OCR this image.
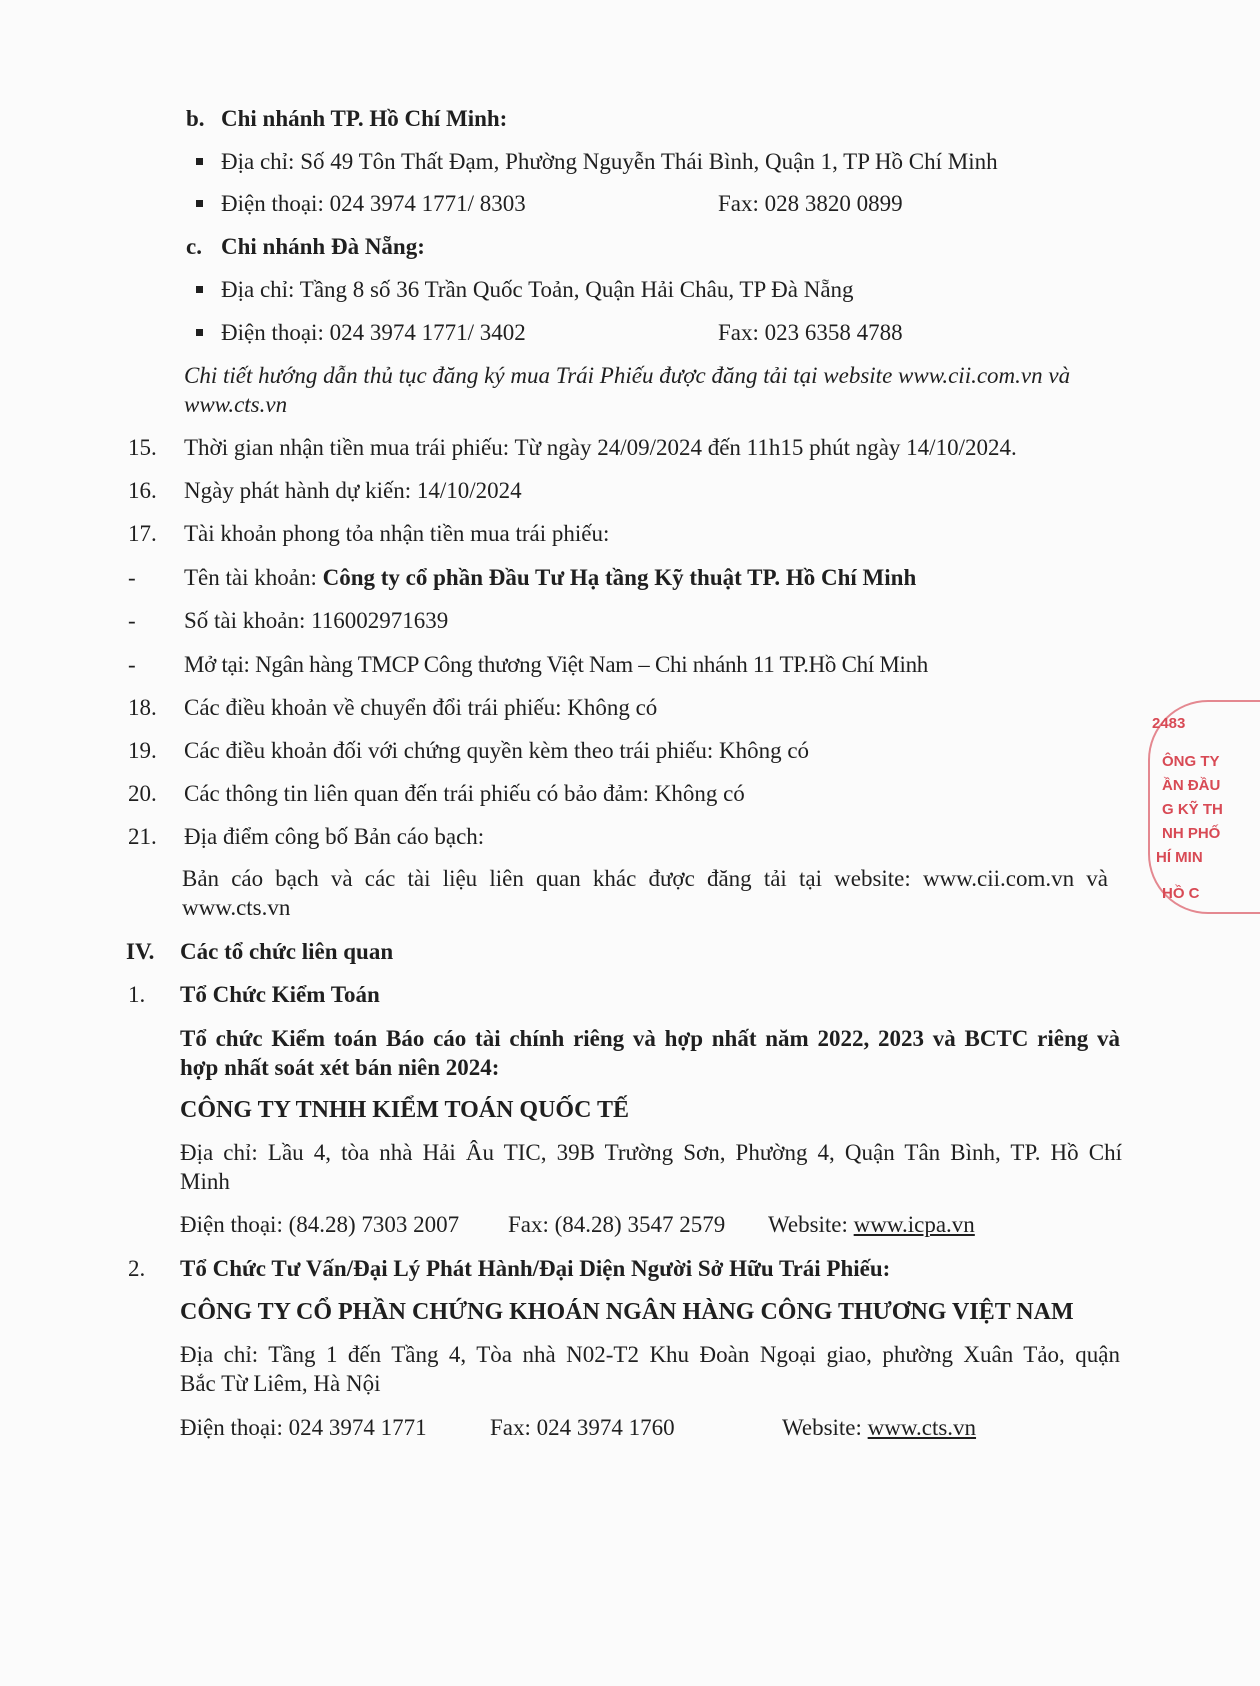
b. Chi nhánh TP. Hồ Chí Minh:
Địa chỉ: Số 49 Tôn Thất Đạm, Phường Nguyễn Thái Bình, Quận 1, TP Hồ Chí Minh
Điện thoại: 024 3974 1771/ 8303	Fax: 028 3820 0899
c. Chi nhánh Đà Nẵng:
Địa chỉ: Tầng 8 số 36 Trần Quốc Toản, Quận Hải Châu, TP Đà Nẵng
Điện thoại: 024 3974 1771/ 3402	Fax: 023 6358 4788
Chi tiết hướng dẫn thủ tục đăng ký mua Trái Phiếu được đăng tải tại website www.cii.com.vn và
www.cts.vn
15. Thời gian nhận tiền mua trái phiếu: Từ ngày 24/09/2024 đến 11h15 phút ngày 14/10/2024.
16. Ngày phát hành dự kiến: 14/10/2024
17. Tài khoản phong tỏa nhận tiền mua trái phiếu:
- Tên tài khoản: Công ty cổ phần Đầu Tư Hạ tầng Kỹ thuật TP. Hồ Chí Minh
- Số tài khoản: 116002971639
- Mở tại: Ngân hàng TMCP Công thương Việt Nam – Chi nhánh 11 TP.Hồ Chí Minh
18. Các điều khoản về chuyển đổi trái phiếu: Không có
19. Các điều khoản đối với chứng quyền kèm theo trái phiếu: Không có
20. Các thông tin liên quan đến trái phiếu có bảo đảm: Không có
21. Địa điểm công bố Bản cáo bạch:
Bản cáo bạch và các tài liệu liên quan khác được đăng tải tại website: www.cii.com.vn và
www.cts.vn
IV. Các tổ chức liên quan
1. Tổ Chức Kiểm Toán
Tổ chức Kiểm toán Báo cáo tài chính riêng và hợp nhất năm 2022, 2023 và BCTC riêng và
hợp nhất soát xét bán niên 2024:
CÔNG TY TNHH KIỂM TOÁN QUỐC TẾ
Địa chỉ: Lầu 4, tòa nhà Hải Âu TIC, 39B Trường Sơn, Phường 4, Quận Tân Bình, TP. Hồ Chí
Minh
Điện thoại: (84.28) 7303 2007 Fax: (84.28) 3547 2579 Website: www.icpa.vn
2. Tổ Chức Tư Vấn/Đại Lý Phát Hành/Đại Diện Người Sở Hữu Trái Phiếu:
CÔNG TY CỔ PHẦN CHỨNG KHOÁN NGÂN HÀNG CÔNG THƯƠNG VIỆT NAM
Địa chỉ: Tầng 1 đến Tầng 4, Tòa nhà N02-T2 Khu Đoàn Ngoại giao, phường Xuân Tảo, quận
Bắc Từ Liêm, Hà Nội
Điện thoại: 024 3974 1771	Fax: 024 3974 1760	Website: www.cts.vn
2483
ÔNG TY
ẦN ĐẦU
G KỸ TH
NH PHỐ
HÍ MIN
HỒ C
